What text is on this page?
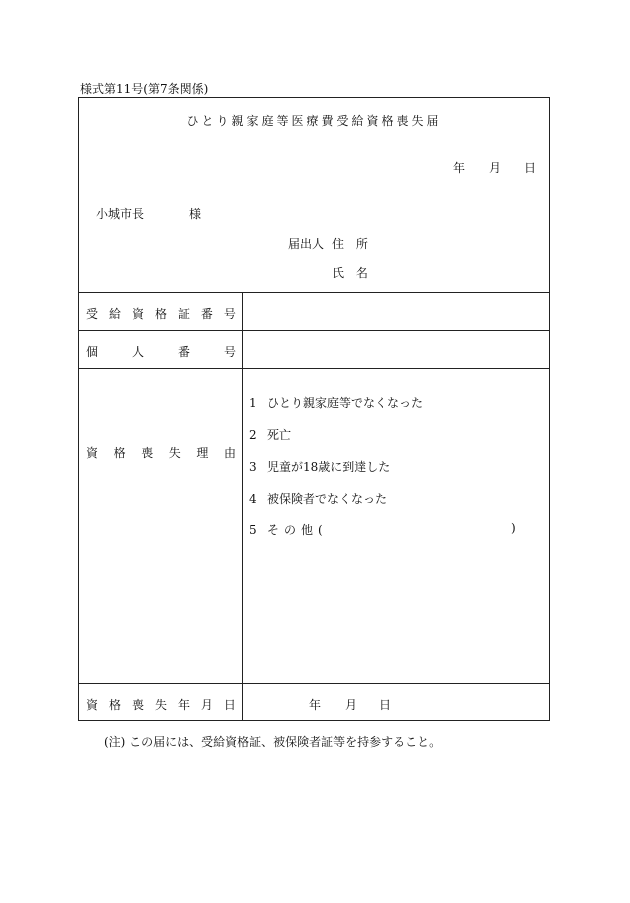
様式第11号(第7条関係)
ひとり親家庭等医療費受給資格喪失届
年 月 日
小城市長	様
届出人 住 所
氏 名
受 給 資 格 証 番 号
個	人	番	号
資 格 喪 失 理 由
1 ひとり親家庭等でなくなった
2 死亡
3 児童が18歳に到達した
4 被保険者でなくなった
5 その他(	)
資 格 喪 失 年 月 日	年 月 日
(注) この届には、受給資格証、被保険者証等を持参すること。
